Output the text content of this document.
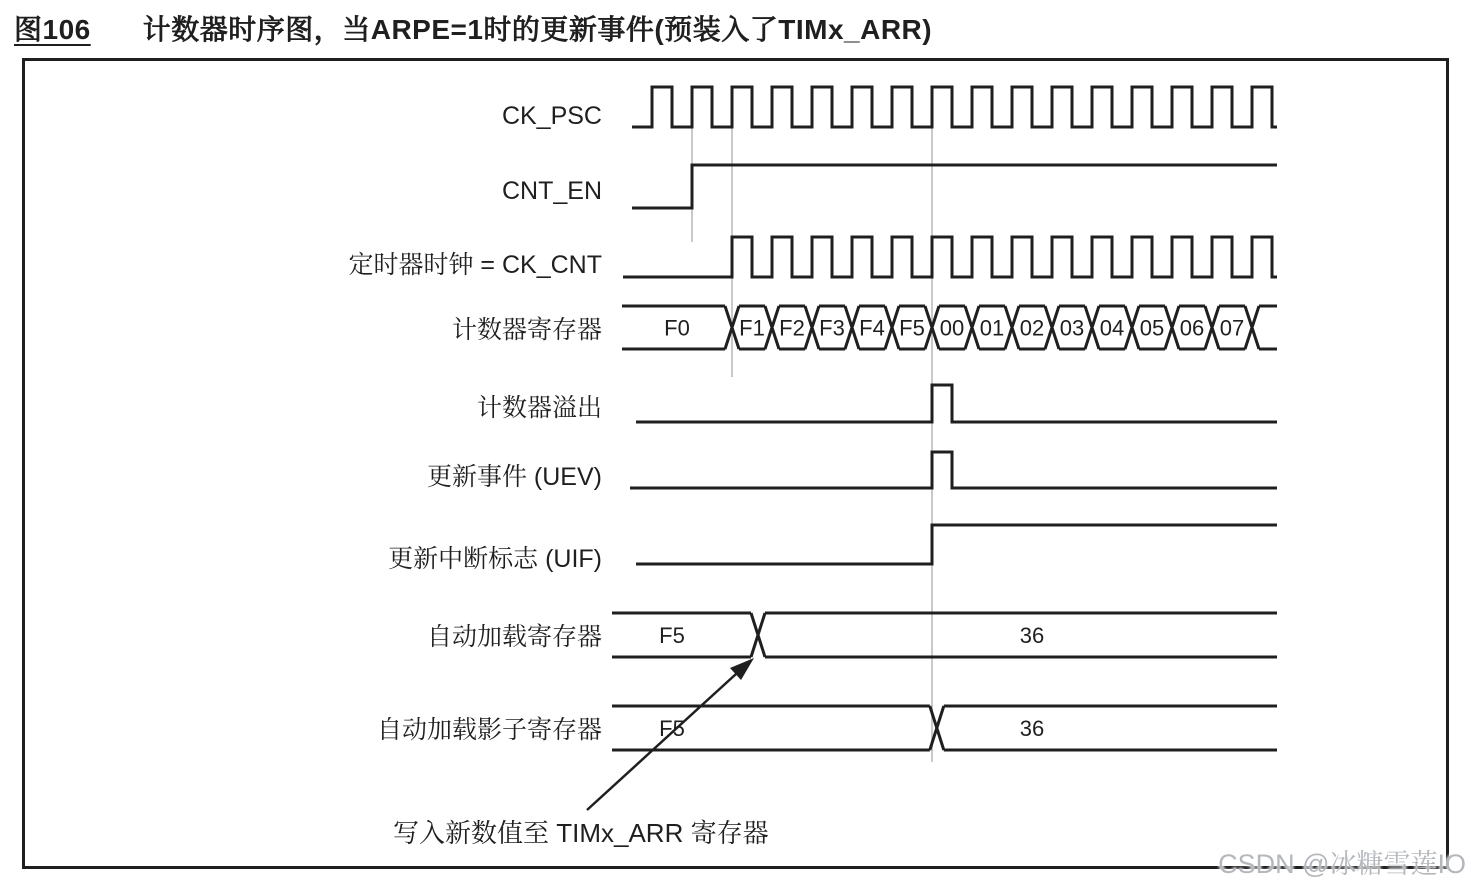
图106 计数器时序图，当ARPE=1时的更新事件(预装入了TIMx_ARR)
F0 F1 F2 F3 F4 F5 00 01 02 03 04 05 06 07
F5	36
F5	36
CK_PSC
CNT_EN
定时器时钟 = CK_CNT
计数器寄存器
计数器溢出
更新事件 (UEV)
更新中断标志 (UIF)
自动加载寄存器
自动加载影子寄存器
写入新数值至 TIMx_ARR 寄存器
CSDN @冰糖雪莲IO
